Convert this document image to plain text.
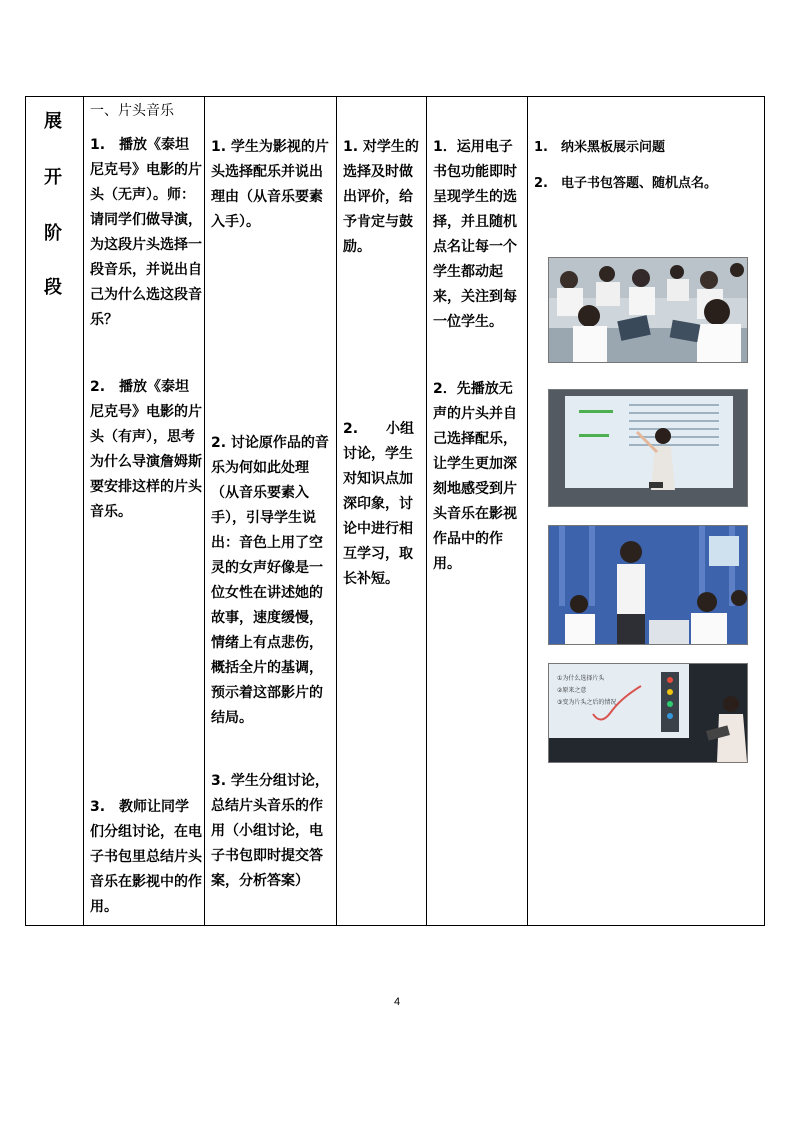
展
开
阶
段
一、片头音乐
1.　播放《泰坦尼克号》电影的片头（无声）。师：请同学们做导演，为这段片头选择一段音乐，并说出自己为什么选这段音乐？
2.　播放《泰坦尼克号》电影的片头（有声），思考为什么导演詹姆斯要安排这样的片头音乐。
3.　教师让同学们分组讨论，在电子书包里总结片头音乐在影视中的作用。
1. 学生为影视的片头选择配乐并说出理由（从音乐要素入手）。
2. 讨论原作品的音乐为何如此处理（从音乐要素入手），引导学生说出：音色上用了空灵的女声好像是一位女性在讲述她的故事，速度缓慢，情绪上有点悲伤，概括全片的基调，预示着这部影片的结局。
3. 学生分组讨论，总结片头音乐的作用（小组讨论，电子书包即时提交答案，分析答案）
1. 对学生的选择及时做出评价，给予肯定与鼓励。
2.　　小组讨论，学生对知识点加深印象，讨论中进行相互学习，取长补短。
1．运用电子书包功能即时呈现学生的选择，并且随机点名让每一个学生都动起来，关注到每一位学生。
2．先播放无声的片头并自己选择配乐，让学生更加深刻地感受到片头音乐在影视作品中的作用。
1.　纳米黑板展示问题
2.　电子书包答题、随机点名。
①为什么选择片头
②原来之意
③变为片头之后的情况
4
